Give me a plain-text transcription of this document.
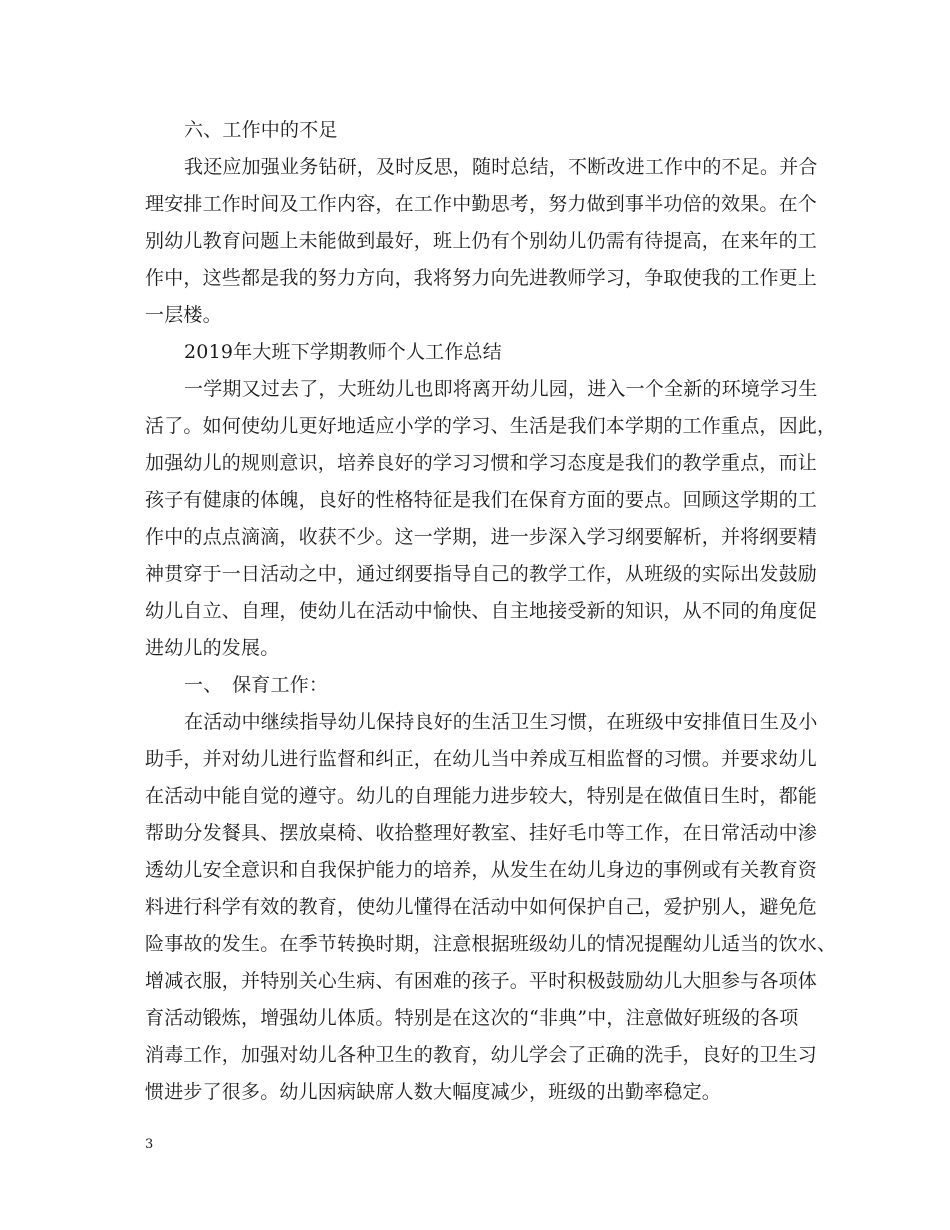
六、工作中的不足
我还应加强业务钻研，及时反思，随时总结，不断改进工作中的不足。并合
理安排工作时间及工作内容，在工作中勤思考，努力做到事半功倍的效果。在个
别幼儿教育问题上未能做到最好，班上仍有个别幼儿仍需有待提高，在来年的工
作中，这些都是我的努力方向，我将努力向先进教师学习，争取使我的工作更上
一层楼。
2019年大班下学期教师个人工作总结
一学期又过去了，大班幼儿也即将离开幼儿园，进入一个全新的环境学习生
活了。如何使幼儿更好地适应小学的学习、生活是我们本学期的工作重点，因此，
加强幼儿的规则意识，培养良好的学习习惯和学习态度是我们的教学重点，而让
孩子有健康的体魄，良好的性格特征是我们在保育方面的要点。回顾这学期的工
作中的点点滴滴，收获不少。这一学期，进一步深入学习纲要解析，并将纲要精
神贯穿于一日活动之中，通过纲要指导自己的教学工作，从班级的实际出发鼓励
幼儿自立、自理，使幼儿在活动中愉快、自主地接受新的知识，从不同的角度促
进幼儿的发展。
一、　保育工作：
在活动中继续指导幼儿保持良好的生活卫生习惯，在班级中安排值日生及小
助手，并对幼儿进行监督和纠正，在幼儿当中养成互相监督的习惯。并要求幼儿
在活动中能自觉的遵守。幼儿的自理能力进步较大，特别是在做值日生时，都能
帮助分发餐具、摆放桌椅、收拾整理好教室、挂好毛巾等工作，在日常活动中渗
透幼儿安全意识和自我保护能力的培养，从发生在幼儿身边的事例或有关教育资
料进行科学有效的教育，使幼儿懂得在活动中如何保护自己，爱护别人，避免危
险事故的发生。在季节转换时期，注意根据班级幼儿的情况提醒幼儿适当的饮水、
增减衣服，并特别关心生病、有困难的孩子。平时积极鼓励幼儿大胆参与各项体
育活动锻炼，增强幼儿体质。特别是在这次的“非典”中，注意做好班级的各项
消毒工作，加强对幼儿各种卫生的教育，幼儿学会了正确的洗手，良好的卫生习
惯进步了很多。幼儿因病缺席人数大幅度减少，班级的出勤率稳定。
3
